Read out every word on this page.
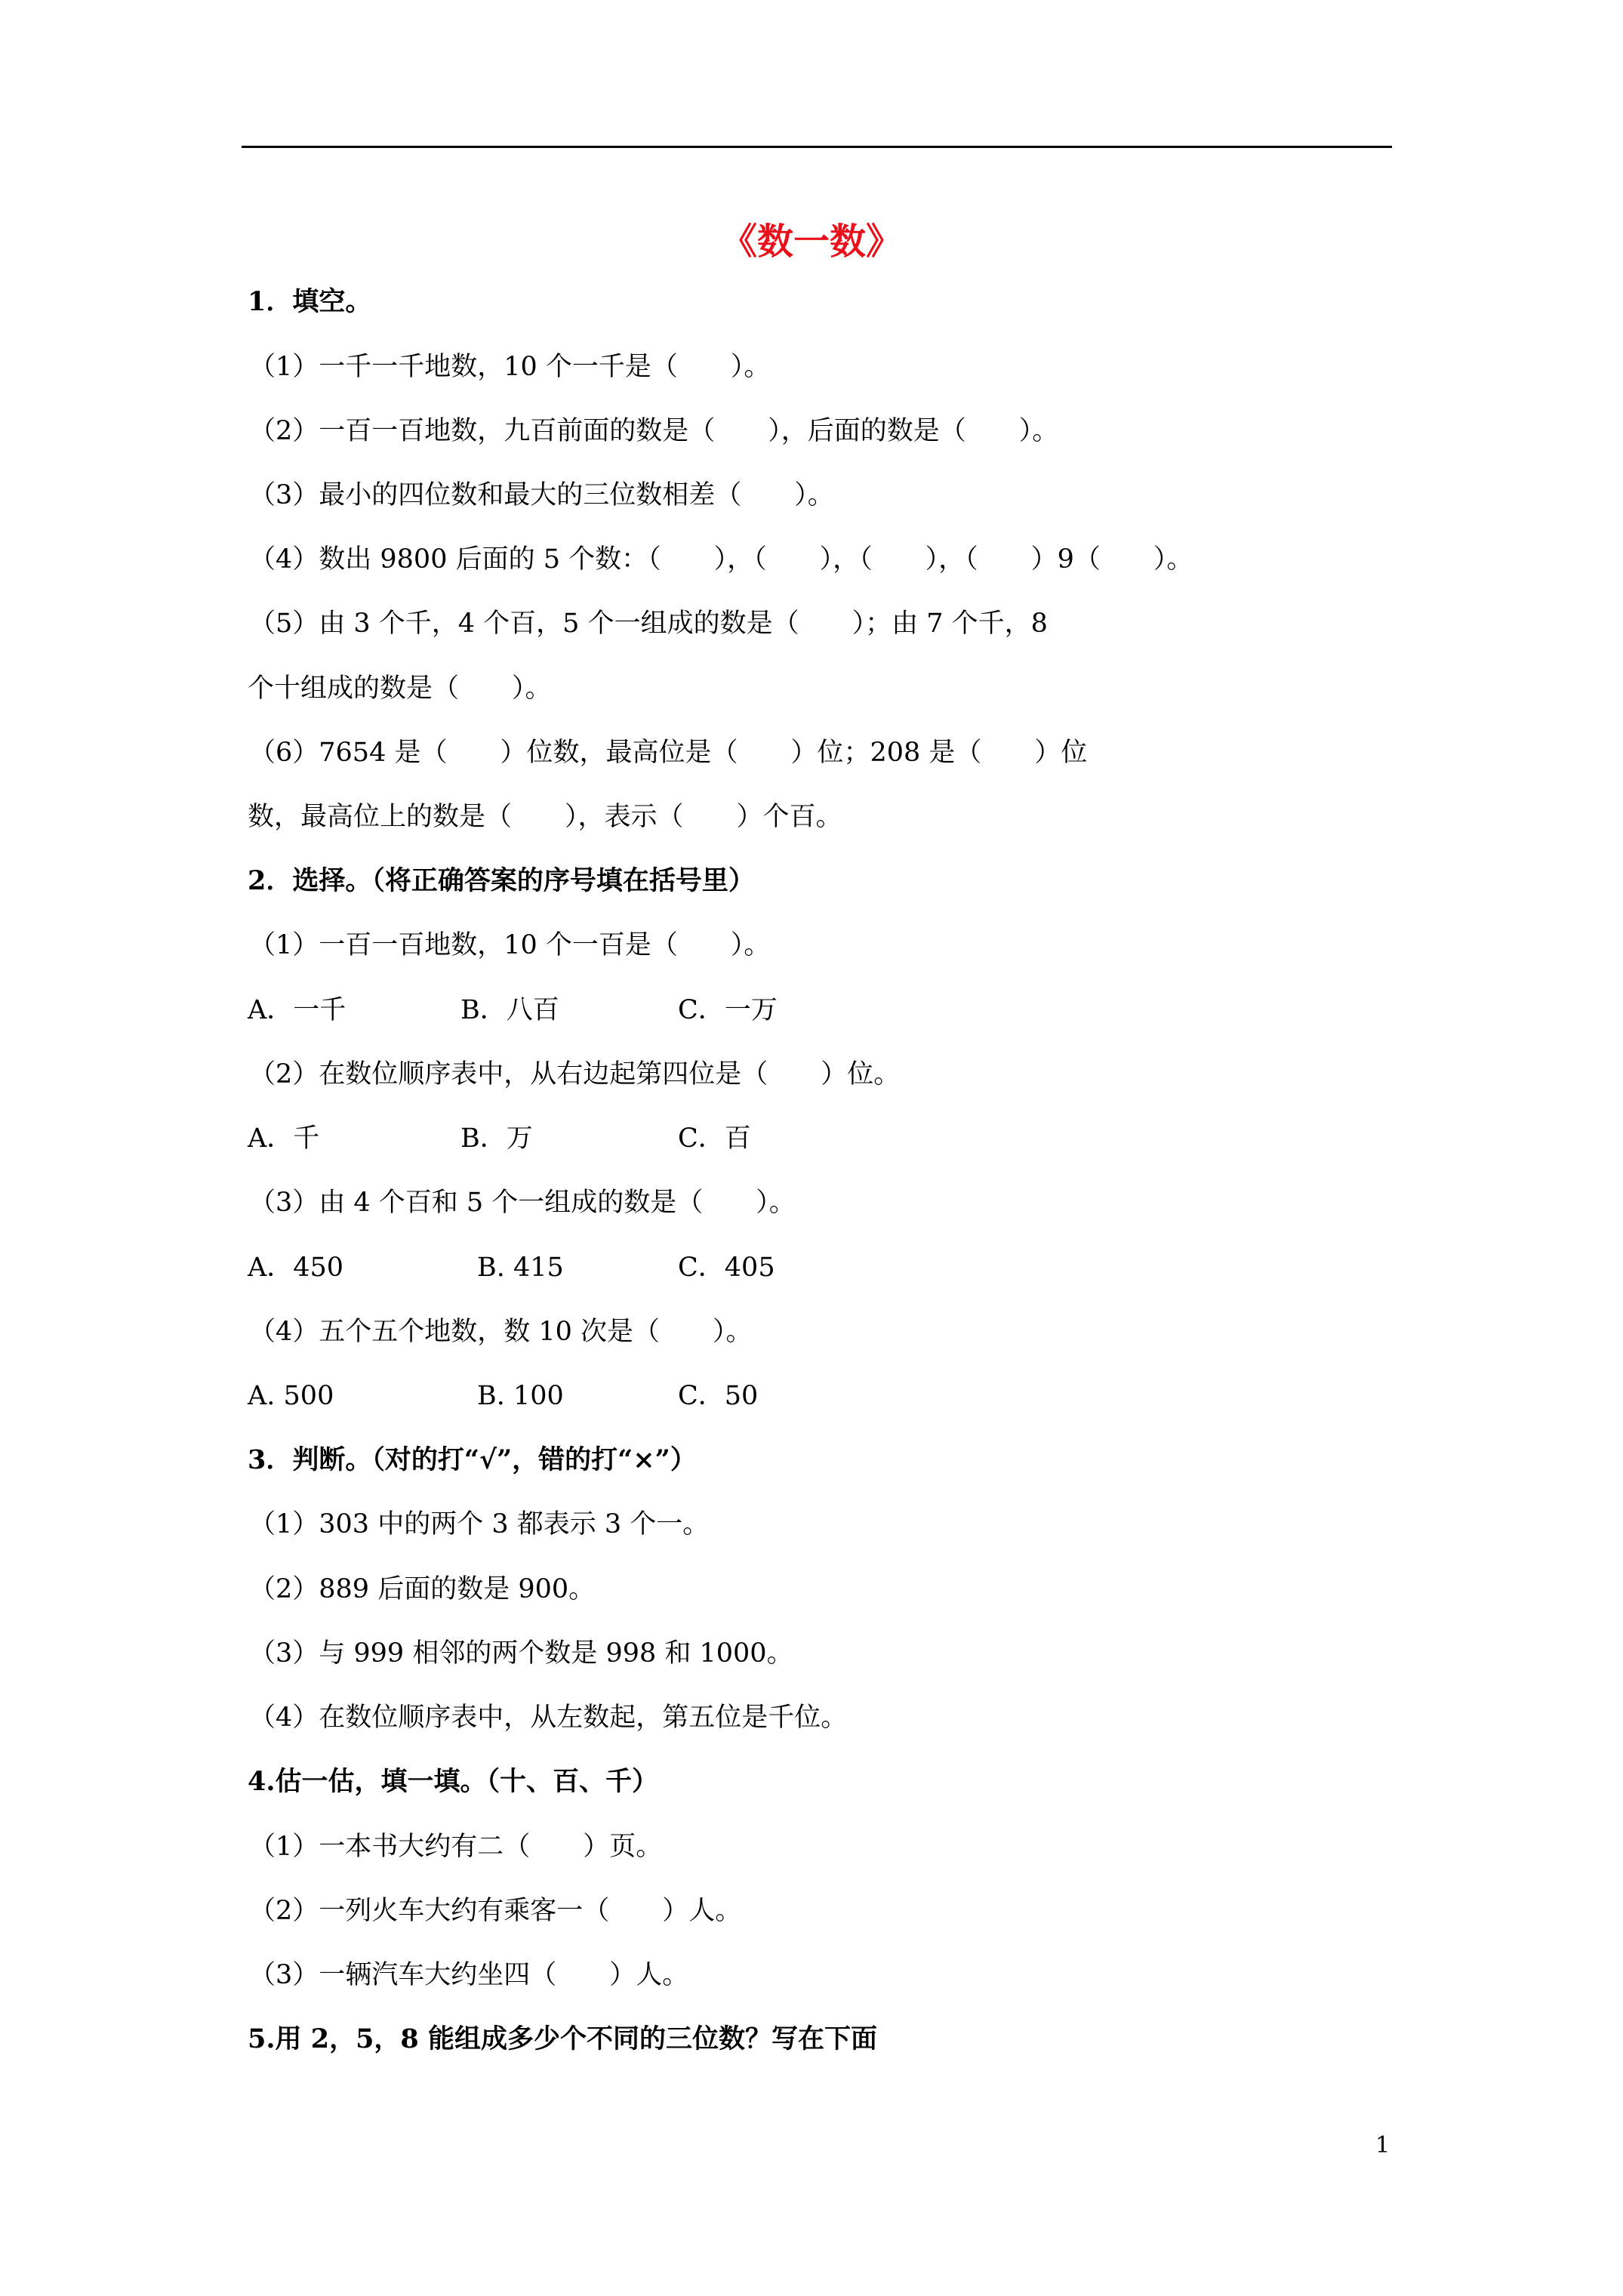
《数一数》
1．填空。
（1）一千一千地数，10 个一千是（　　）。
（2）一百一百地数，九百前面的数是（　　），后面的数是（　　）。
（3）最小的四位数和最大的三位数相差（　　）。
（4）数出 9800 后面的 5 个数：（　　），（　　），（　　），（　　）9（　　）。
（5）由 3 个千，4 个百，5 个一组成的数是（　　）；由 7 个千，8
个十组成的数是（　　）。
（6）7654 是（　　）位数，最高位是（　　）位；208 是（　　）位
数，最高位上的数是（　　），表示（　　）个百。
2．选择。（将正确答案的序号填在括号里）
（1）一百一百地数，10 个一百是（　　）。
A．一千	B．八百	C．一万
（2）在数位顺序表中，从右边起第四位是（　　）位。
A．千	B．万	C．百
（3）由 4 个百和 5 个一组成的数是（　　）。
A．450	B. 415	C．405
（4）五个五个地数，数 10 次是（　　）。
A. 500	B. 100	C．50
3．判断。（对的打“√”，错的打“×”）
（1）303 中的两个 3 都表示 3 个一。
（2）889 后面的数是 900。
（3）与 999 相邻的两个数是 998 和 1000。
（4）在数位顺序表中，从左数起，第五位是千位。
4.估一估，填一填。（十、百、千）
（1）一本书大约有二（　　）页。
（2）一列火车大约有乘客一（　　）人。
（3）一辆汽车大约坐四（　　）人。
5.用 2，5，8 能组成多少个不同的三位数？写在下面
1
